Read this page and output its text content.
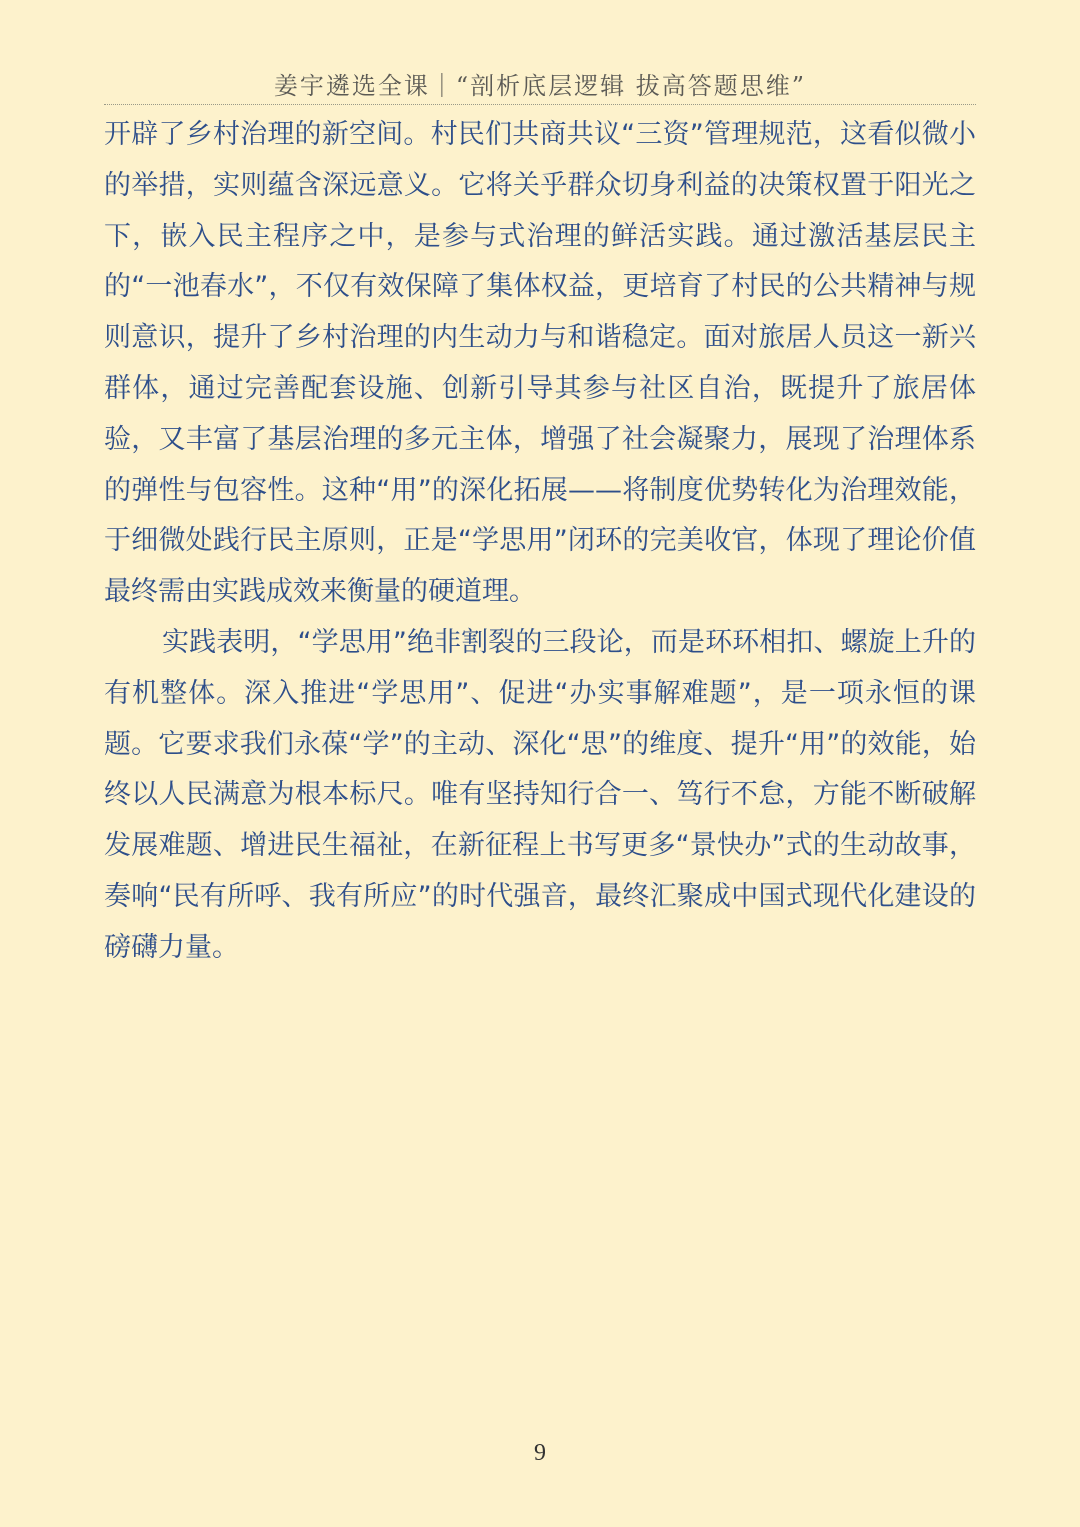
姜宇遴选全课｜“剖析底层逻辑 拔高答题思维”

开辟了乡村治理的新空间。村民们共商共议“三资”管理规范，这看似微小的举措，实则蕴含深远意义。它将关乎群众切身利益的决策权置于阳光之下，嵌入民主程序之中，是参与式治理的鲜活实践。通过激活基层民主的“一池春水”，不仅有效保障了集体权益，更培育了村民的公共精神与规则意识，提升了乡村治理的内生动力与和谐稳定。面对旅居人员这一新兴群体，通过完善配套设施、创新引导其参与社区自治，既提升了旅居体验，又丰富了基层治理的多元主体，增强了社会凝聚力，展现了治理体系的弹性与包容性。这种“用”的深化拓展——将制度优势转化为治理效能，于细微处践行民主原则，正是“学思用”闭环的完美收官，体现了理论价值最终需由实践成效来衡量的硬道理。

实践表明，“学思用”绝非割裂的三段论，而是环环相扣、螺旋上升的有机整体。深入推进“学思用”、促进“办实事解难题”，是一项永恒的课题。它要求我们永葆“学”的主动、深化“思”的维度、提升“用”的效能，始终以人民满意为根本标尺。唯有坚持知行合一、笃行不怠，方能不断破解发展难题、增进民生福祉，在新征程上书写更多“景快办”式的生动故事，奏响“民有所呼、我有所应”的时代强音，最终汇聚成中国式现代化建设的磅礴力量。

9
